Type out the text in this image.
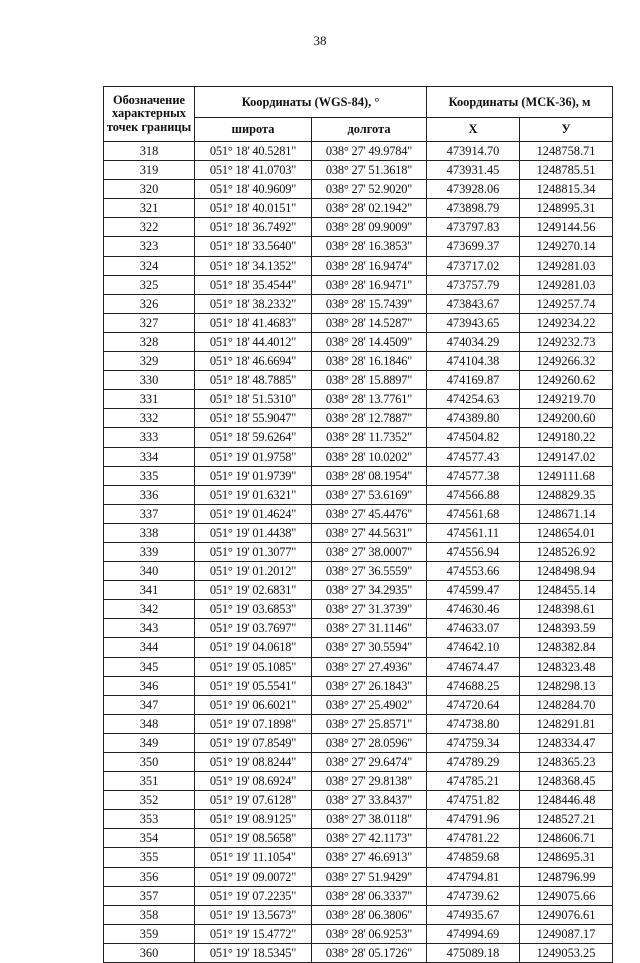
38
Обозначение характерных точек границы	Координаты (WGS-84), °		Координаты (МСК-36), м	
	широта	долгота	X	У
318	051° 18' 40.5281"	038° 27' 49.9784"	473914.70	1248758.71
319	051° 18' 41.0703"	038° 27' 51.3618"	473931.45	1248785.51
320	051° 18' 40.9609"	038° 27' 52.9020"	473928.06	1248815.34
321	051° 18' 40.0151"	038° 28' 02.1942"	473898.79	1248995.31
322	051° 18' 36.7492"	038° 28' 09.9009"	473797.83	1249144.56
323	051° 18' 33.5640"	038° 28' 16.3853"	473699.37	1249270.14
324	051° 18' 34.1352"	038° 28' 16.9474"	473717.02	1249281.03
325	051° 18' 35.4544"	038° 28' 16.9471"	473757.79	1249281.03
326	051° 18' 38.2332"	038° 28' 15.7439"	473843.67	1249257.74
327	051° 18' 41.4683"	038° 28' 14.5287"	473943.65	1249234.22
328	051° 18' 44.4012"	038° 28' 14.4509"	474034.29	1249232.73
329	051° 18' 46.6694"	038° 28' 16.1846"	474104.38	1249266.32
330	051° 18' 48.7885"	038° 28' 15.8897"	474169.87	1249260.62
331	051° 18' 51.5310"	038° 28' 13.7761"	474254.63	1249219.70
332	051° 18' 55.9047"	038° 28' 12.7887"	474389.80	1249200.60
333	051° 18' 59.6264"	038° 28' 11.7352"	474504.82	1249180.22
334	051° 19' 01.9758"	038° 28' 10.0202"	474577.43	1249147.02
335	051° 19' 01.9739"	038° 28' 08.1954"	474577.38	1249111.68
336	051° 19' 01.6321"	038° 27' 53.6169"	474566.88	1248829.35
337	051° 19' 01.4624"	038° 27' 45.4476"	474561.68	1248671.14
338	051° 19' 01.4438"	038° 27' 44.5631"	474561.11	1248654.01
339	051° 19' 01.3077"	038° 27' 38.0007"	474556.94	1248526.92
340	051° 19' 01.2012"	038° 27' 36.5559"	474553.66	1248498.94
341	051° 19' 02.6831"	038° 27' 34.2935"	474599.47	1248455.14
342	051° 19' 03.6853"	038° 27' 31.3739"	474630.46	1248398.61
343	051° 19' 03.7697"	038° 27' 31.1146"	474633.07	1248393.59
344	051° 19' 04.0618"	038° 27' 30.5594"	474642.10	1248382.84
345	051° 19' 05.1085"	038° 27' 27.4936"	474674.47	1248323.48
346	051° 19' 05.5541"	038° 27' 26.1843"	474688.25	1248298.13
347	051° 19' 06.6021"	038° 27' 25.4902"	474720.64	1248284.70
348	051° 19' 07.1898"	038° 27' 25.8571"	474738.80	1248291.81
349	051° 19' 07.8549"	038° 27' 28.0596"	474759.34	1248334.47
350	051° 19' 08.8244"	038° 27' 29.6474"	474789.29	1248365.23
351	051° 19' 08.6924"	038° 27' 29.8138"	474785.21	1248368.45
352	051° 19' 07.6128"	038° 27' 33.8437"	474751.82	1248446.48
353	051° 19' 08.9125"	038° 27' 38.0118"	474791.96	1248527.21
354	051° 19' 08.5658"	038° 27' 42.1173"	474781.22	1248606.71
355	051° 19' 11.1054"	038° 27' 46.6913"	474859.68	1248695.31
356	051° 19' 09.0072"	038° 27' 51.9429"	474794.81	1248796.99
357	051° 19' 07.2235"	038° 28' 06.3337"	474739.62	1249075.66
358	051° 19' 13.5673"	038° 28' 06.3806"	474935.67	1249076.61
359	051° 19' 15.4772"	038° 28' 06.9253"	474994.69	1249087.17
360	051° 19' 18.5345"	038° 28' 05.1726"	475089.18	1249053.25
